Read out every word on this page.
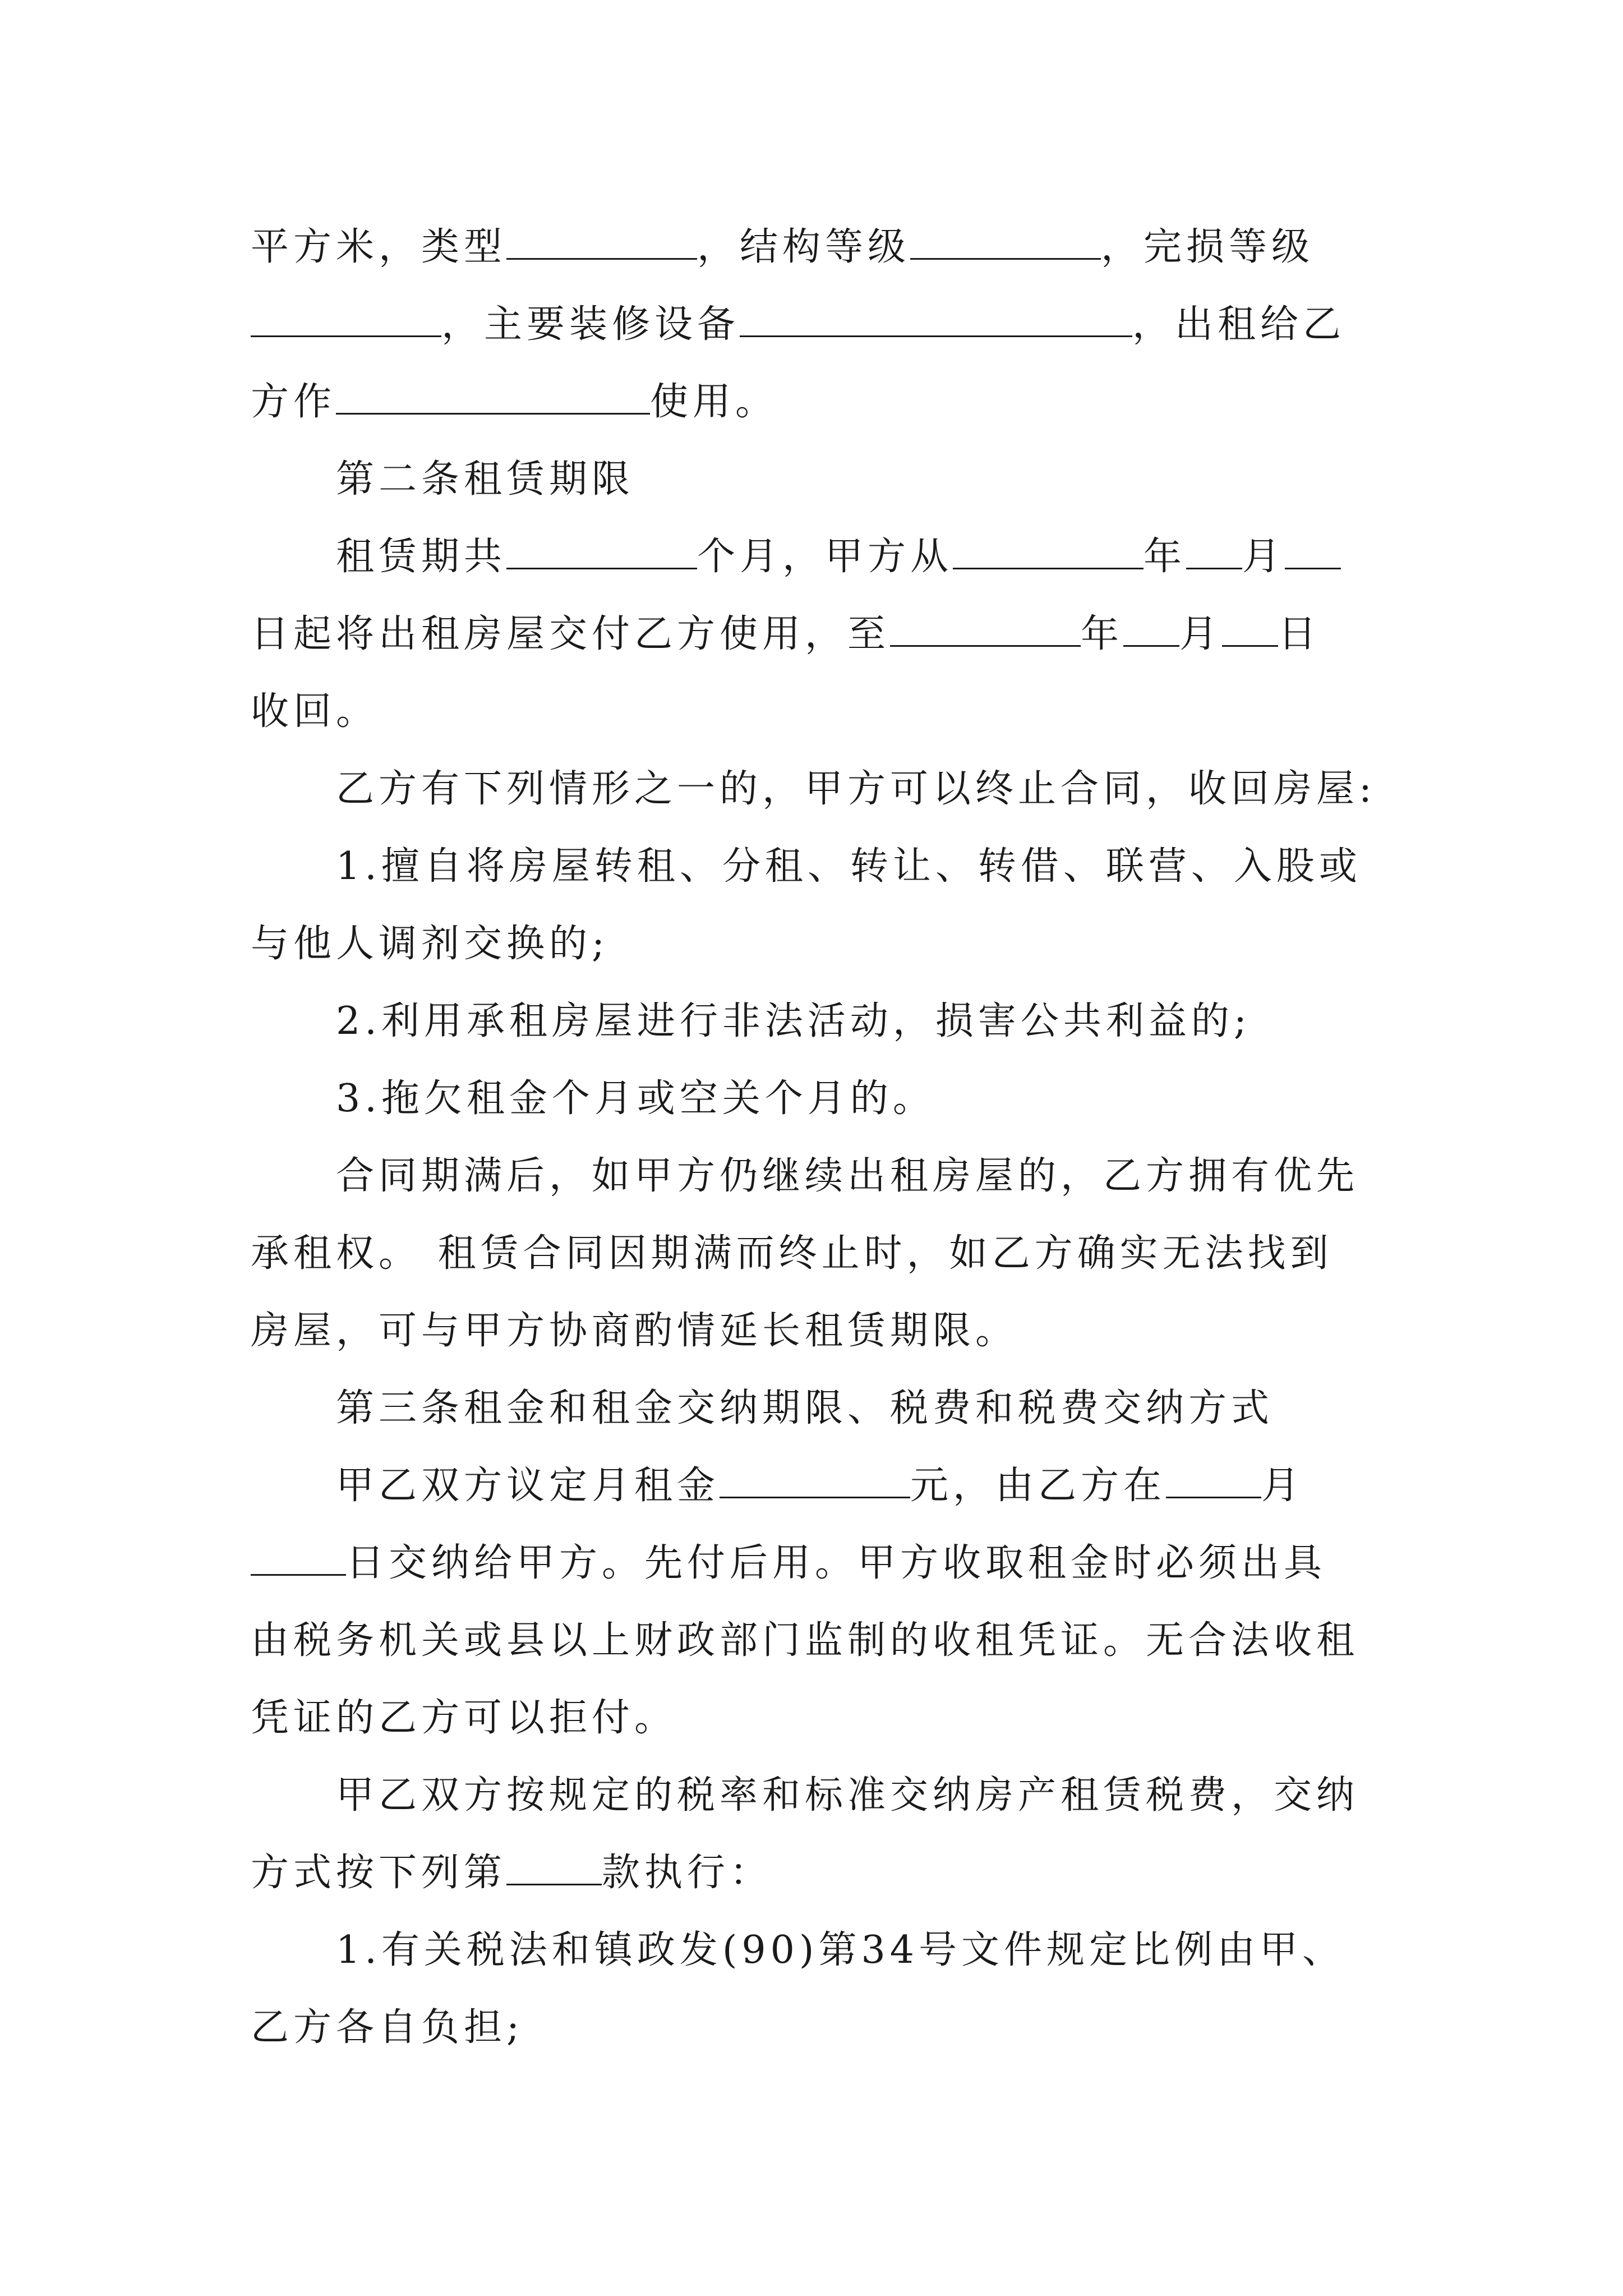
平方米，类型	，结构等级	，完损等级
，主要装修设备	，出租给乙
方作	使用。
第二条租赁期限
租赁期共	个月，甲方从	年 月
日起将出租房屋交付乙方使用，至	年 月 日
收回。
乙方有下列情形之一的，甲方可以终止合同，收回房屋:
1.擅自将房屋转租、分租、转让、转借、联营、入股或
与他人调剂交换的;
2.利用承租房屋进行非法活动，损害公共利益的;
3.拖欠租金个月或空关个月的。
合同期满后，如甲方仍继续出租房屋的，乙方拥有优先
承租权。 租赁合同因期满而终止时，如乙方确实无法找到
房屋，可与甲方协商酌情延长租赁期限。
第三条租金和租金交纳期限、税费和税费交纳方式
甲乙双方议定月租金	元，由乙方在	月
日交纳给甲方。先付后用。甲方收取租金时必须出具
由税务机关或县以上财政部门监制的收租凭证。无合法收租
凭证的乙方可以拒付。
甲乙双方按规定的税率和标准交纳房产租赁税费，交纳
方式按下列第	款执行：
1.有关税法和镇政发(90)第34号文件规定比例由甲、
乙方各自负担;
